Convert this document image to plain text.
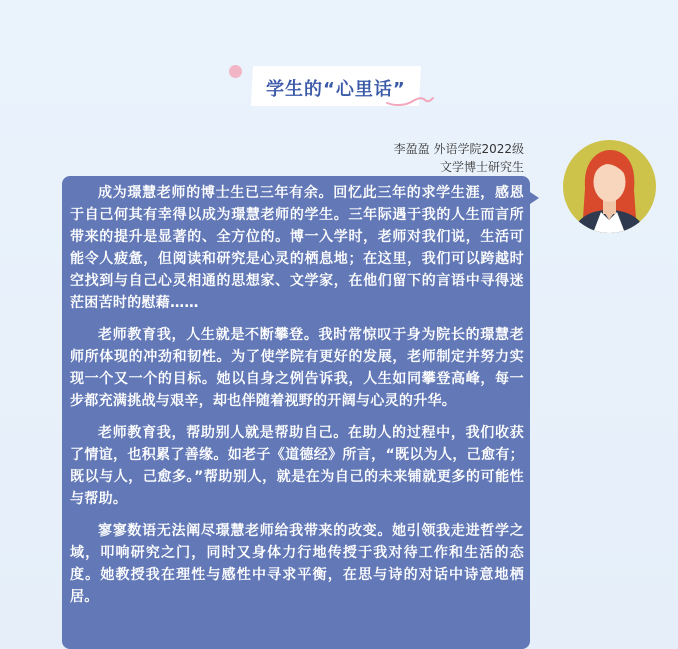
学生的“心里话”
李盈盈 外语学院2022级
文学博士研究生

成为璟慧老师的博士生已三年有余。回忆此三年的求学生涯，感恩于自己何其有幸得以成为璟慧老师的学生。三年际遇于我的人生而言所带来的提升是显著的、全方位的。博一入学时，老师对我们说，生活可能令人疲惫，但阅读和研究是心灵的栖息地；在这里，我们可以跨越时空找到与自己心灵相通的思想家、文学家，在他们留下的言语中寻得迷茫困苦时的慰藉……

老师教育我，人生就是不断攀登。我时常惊叹于身为院长的璟慧老师所体现的冲劲和韧性。为了使学院有更好的发展，老师制定并努力实现一个又一个的目标。她以自身之例告诉我，人生如同攀登高峰，每一步都充满挑战与艰辛，却也伴随着视野的开阔与心灵的升华。

老师教育我，帮助别人就是帮助自己。在助人的过程中，我们收获了情谊，也积累了善缘。如老子《道德经》所言，“既以为人，己愈有；既以与人，己愈多。”帮助别人，就是在为自己的未来铺就更多的可能性与帮助。

寥寥数语无法阐尽璟慧老师给我带来的改变。她引领我走进哲学之域，叩响研究之门，同时又身体力行地传授于我对待工作和生活的态度。她教授我在理性与感性中寻求平衡，在思与诗的对话中诗意地栖居。
